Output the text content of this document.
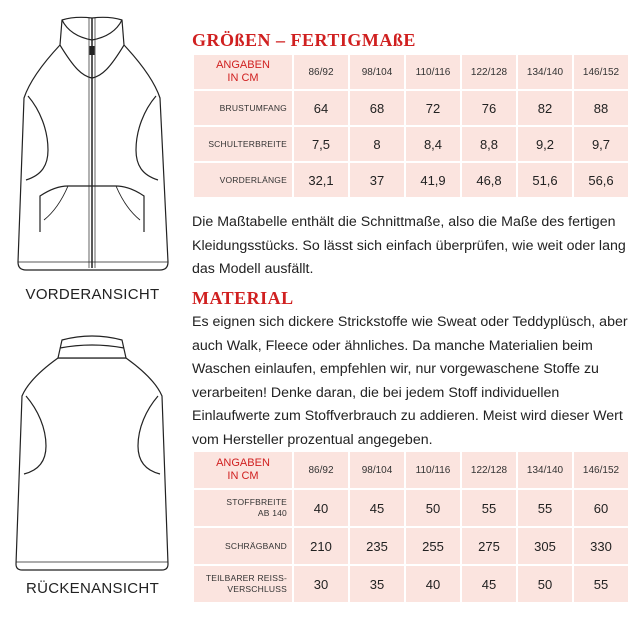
VORDERANSICHT
RÜCKENANSICHT
GRÖßEN – FERTIGMAßE
ANGABEN
IN CM	86/92	98/104	110/116	122/128	134/140	146/152
BRUSTUMFANG	64	68	72	76	82	88
SCHULTERBREITE	7,5	8	8,4	8,8	9,2	9,7
VORDERLÄNGE	32,1	37	41,9	46,8	51,6	56,6
Die Maßtabelle enthält die Schnittmaße, also die Maße des fertigen Kleidungsstücks. So lässt sich einfach überprüfen, wie weit oder lang das Modell ausfällt.
MATERIAL
Es eignen sich dickere Strickstoffe wie Sweat oder Teddyplüsch, aber auch Walk, Fleece oder ähnliches. Da manche Materialien beim Waschen einlaufen, empfehlen wir, nur vorgewaschene Stoffe zu verarbeiten! Denke daran, die bei jedem Stoff individuellen Einlaufwerte zum Stoffverbrauch zu addieren. Meist wird dieser Wert vom Hersteller prozentual angegeben.
ANGABEN
IN CM	86/92	98/104	110/116	122/128	134/140	146/152

STOFFBREITE
AB 140	40	45	50	55	55	60

SCHRÄGBAND	210	235	255	275	305	330

TEILBARER REISS-
VERSCHLUSS	30	35	40	45	50	55
